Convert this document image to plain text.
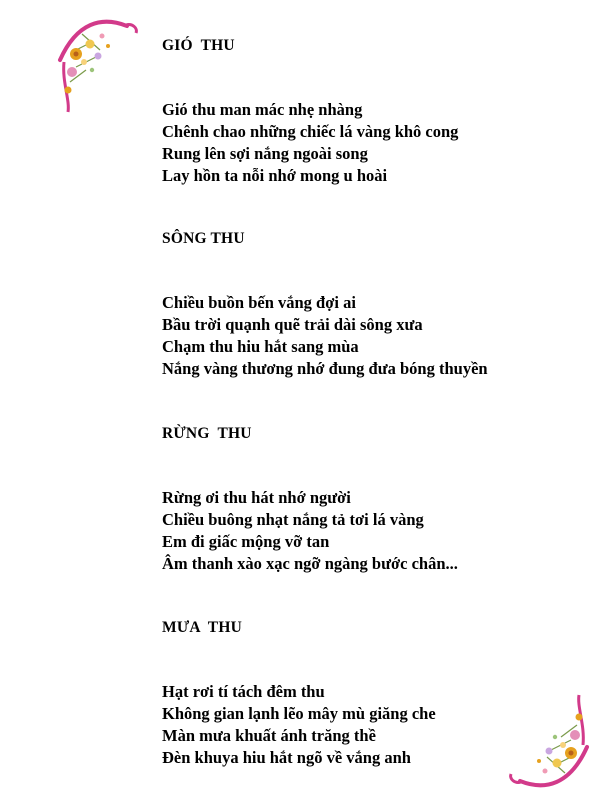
GIÓ  THU
Gió thu man mác nhẹ nhàng
Chênh chao những chiếc lá vàng khô cong
Rung lên sợi nắng ngoài song
Lay hồn ta nỗi nhớ mong u hoài
SÔNG THU
Chiều buồn bến vắng đợi ai
Bầu trời quạnh quẽ trải dài sông xưa
Chạm thu hiu hắt sang mùa
Nắng vàng thương nhớ đung đưa bóng thuyền
RỪNG  THU
Rừng ơi thu hát nhớ người
Chiều buông nhạt nắng tả tơi lá vàng
Em đi giấc mộng vỡ tan
Âm thanh xào xạc ngỡ ngàng bước chân...
MƯA  THU
Hạt rơi tí tách đêm thu
Không gian lạnh lẽo mây mù giăng che
Màn mưa khuất ánh trăng thề
Đèn khuya hiu hắt ngõ về vắng anh
